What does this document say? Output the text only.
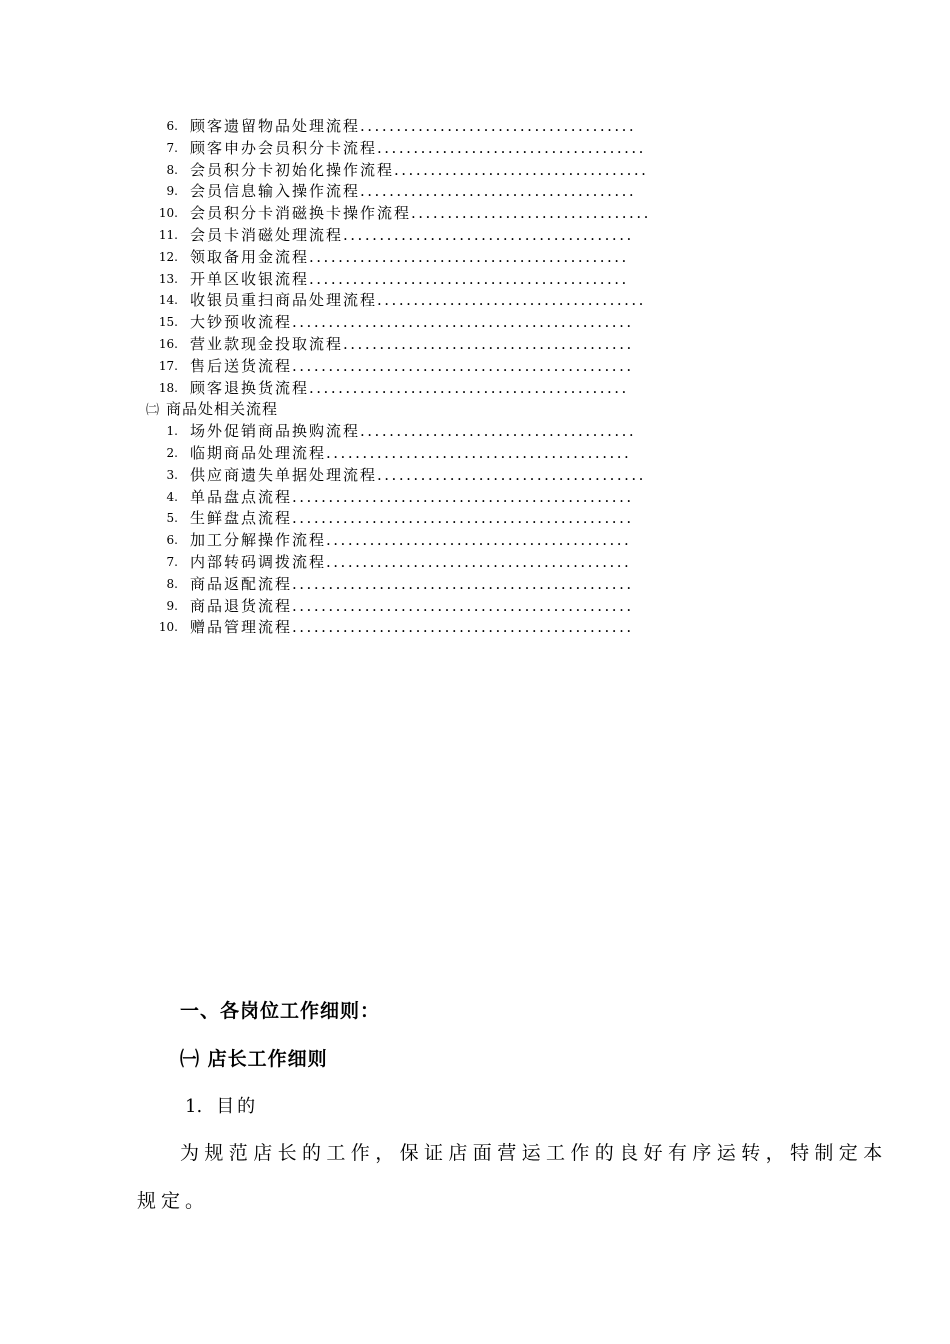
6. 顾客遗留物品处理流程......................................
7. 顾客申办会员积分卡流程.....................................
8. 会员积分卡初始化操作流程...................................
9. 会员信息输入操作流程......................................
10. 会员积分卡消磁换卡操作流程.................................
11. 会员卡消磁处理流程........................................
12. 领取备用金流程............................................
13. 开单区收银流程............................................
14. 收银员重扫商品处理流程.....................................
15. 大钞预收流程...............................................
16. 营业款现金投取流程........................................
17. 售后送货流程...............................................
18. 顾客退换货流程............................................
㈡ 商品处相关流程
1. 场外促销商品换购流程......................................
2. 临期商品处理流程..........................................
3. 供应商遗失单据处理流程.....................................
4. 单品盘点流程...............................................
5. 生鲜盘点流程...............................................
6. 加工分解操作流程..........................................
7. 内部转码调拨流程..........................................
8. 商品返配流程...............................................
9. 商品退货流程...............................................
10. 赠品管理流程...............................................
一、各岗位工作细则：
㈠ 店长工作细则
1. 目的
为规范店长的工作，保证店面营运工作的良好有序运转，特制定本
规定。
